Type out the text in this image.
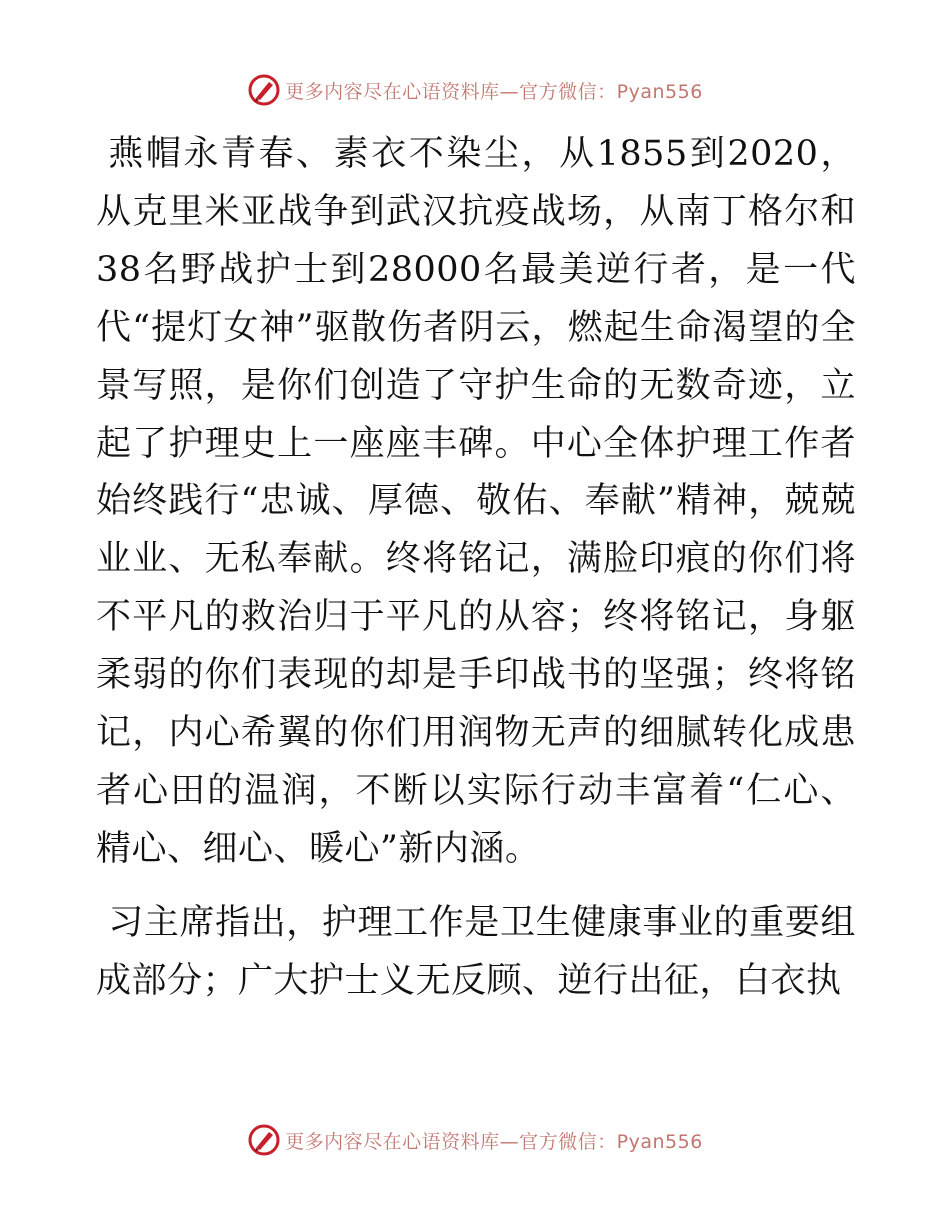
更多内容尽在心语资料库—官方微信：Pyan556

燕帽永青春、素衣不染尘，从1855到2020，从克里米亚战争到武汉抗疫战场，从南丁格尔和38名野战护士到28000名最美逆行者，是一代代“提灯女神”驱散伤者阴云，燃起生命渴望的全景写照，是你们创造了守护生命的无数奇迹，立起了护理史上一座座丰碑。中心全体护理工作者始终践行“忠诚、厚德、敬佑、奉献”精神，兢兢业业、无私奉献。终将铭记，满脸印痕的你们将不平凡的救治归于平凡的从容；终将铭记，身躯柔弱的你们表现的却是手印战书的坚强；终将铭记，内心希翼的你们用润物无声的细腻转化成患者心田的温润，不断以实际行动丰富着“仁心、精心、细心、暖心”新内涵。

习主席指出，护理工作是卫生健康事业的重要组成部分；广大护士义无反顾、逆行出征，白衣执

更多内容尽在心语资料库—官方微信：Pyan556
